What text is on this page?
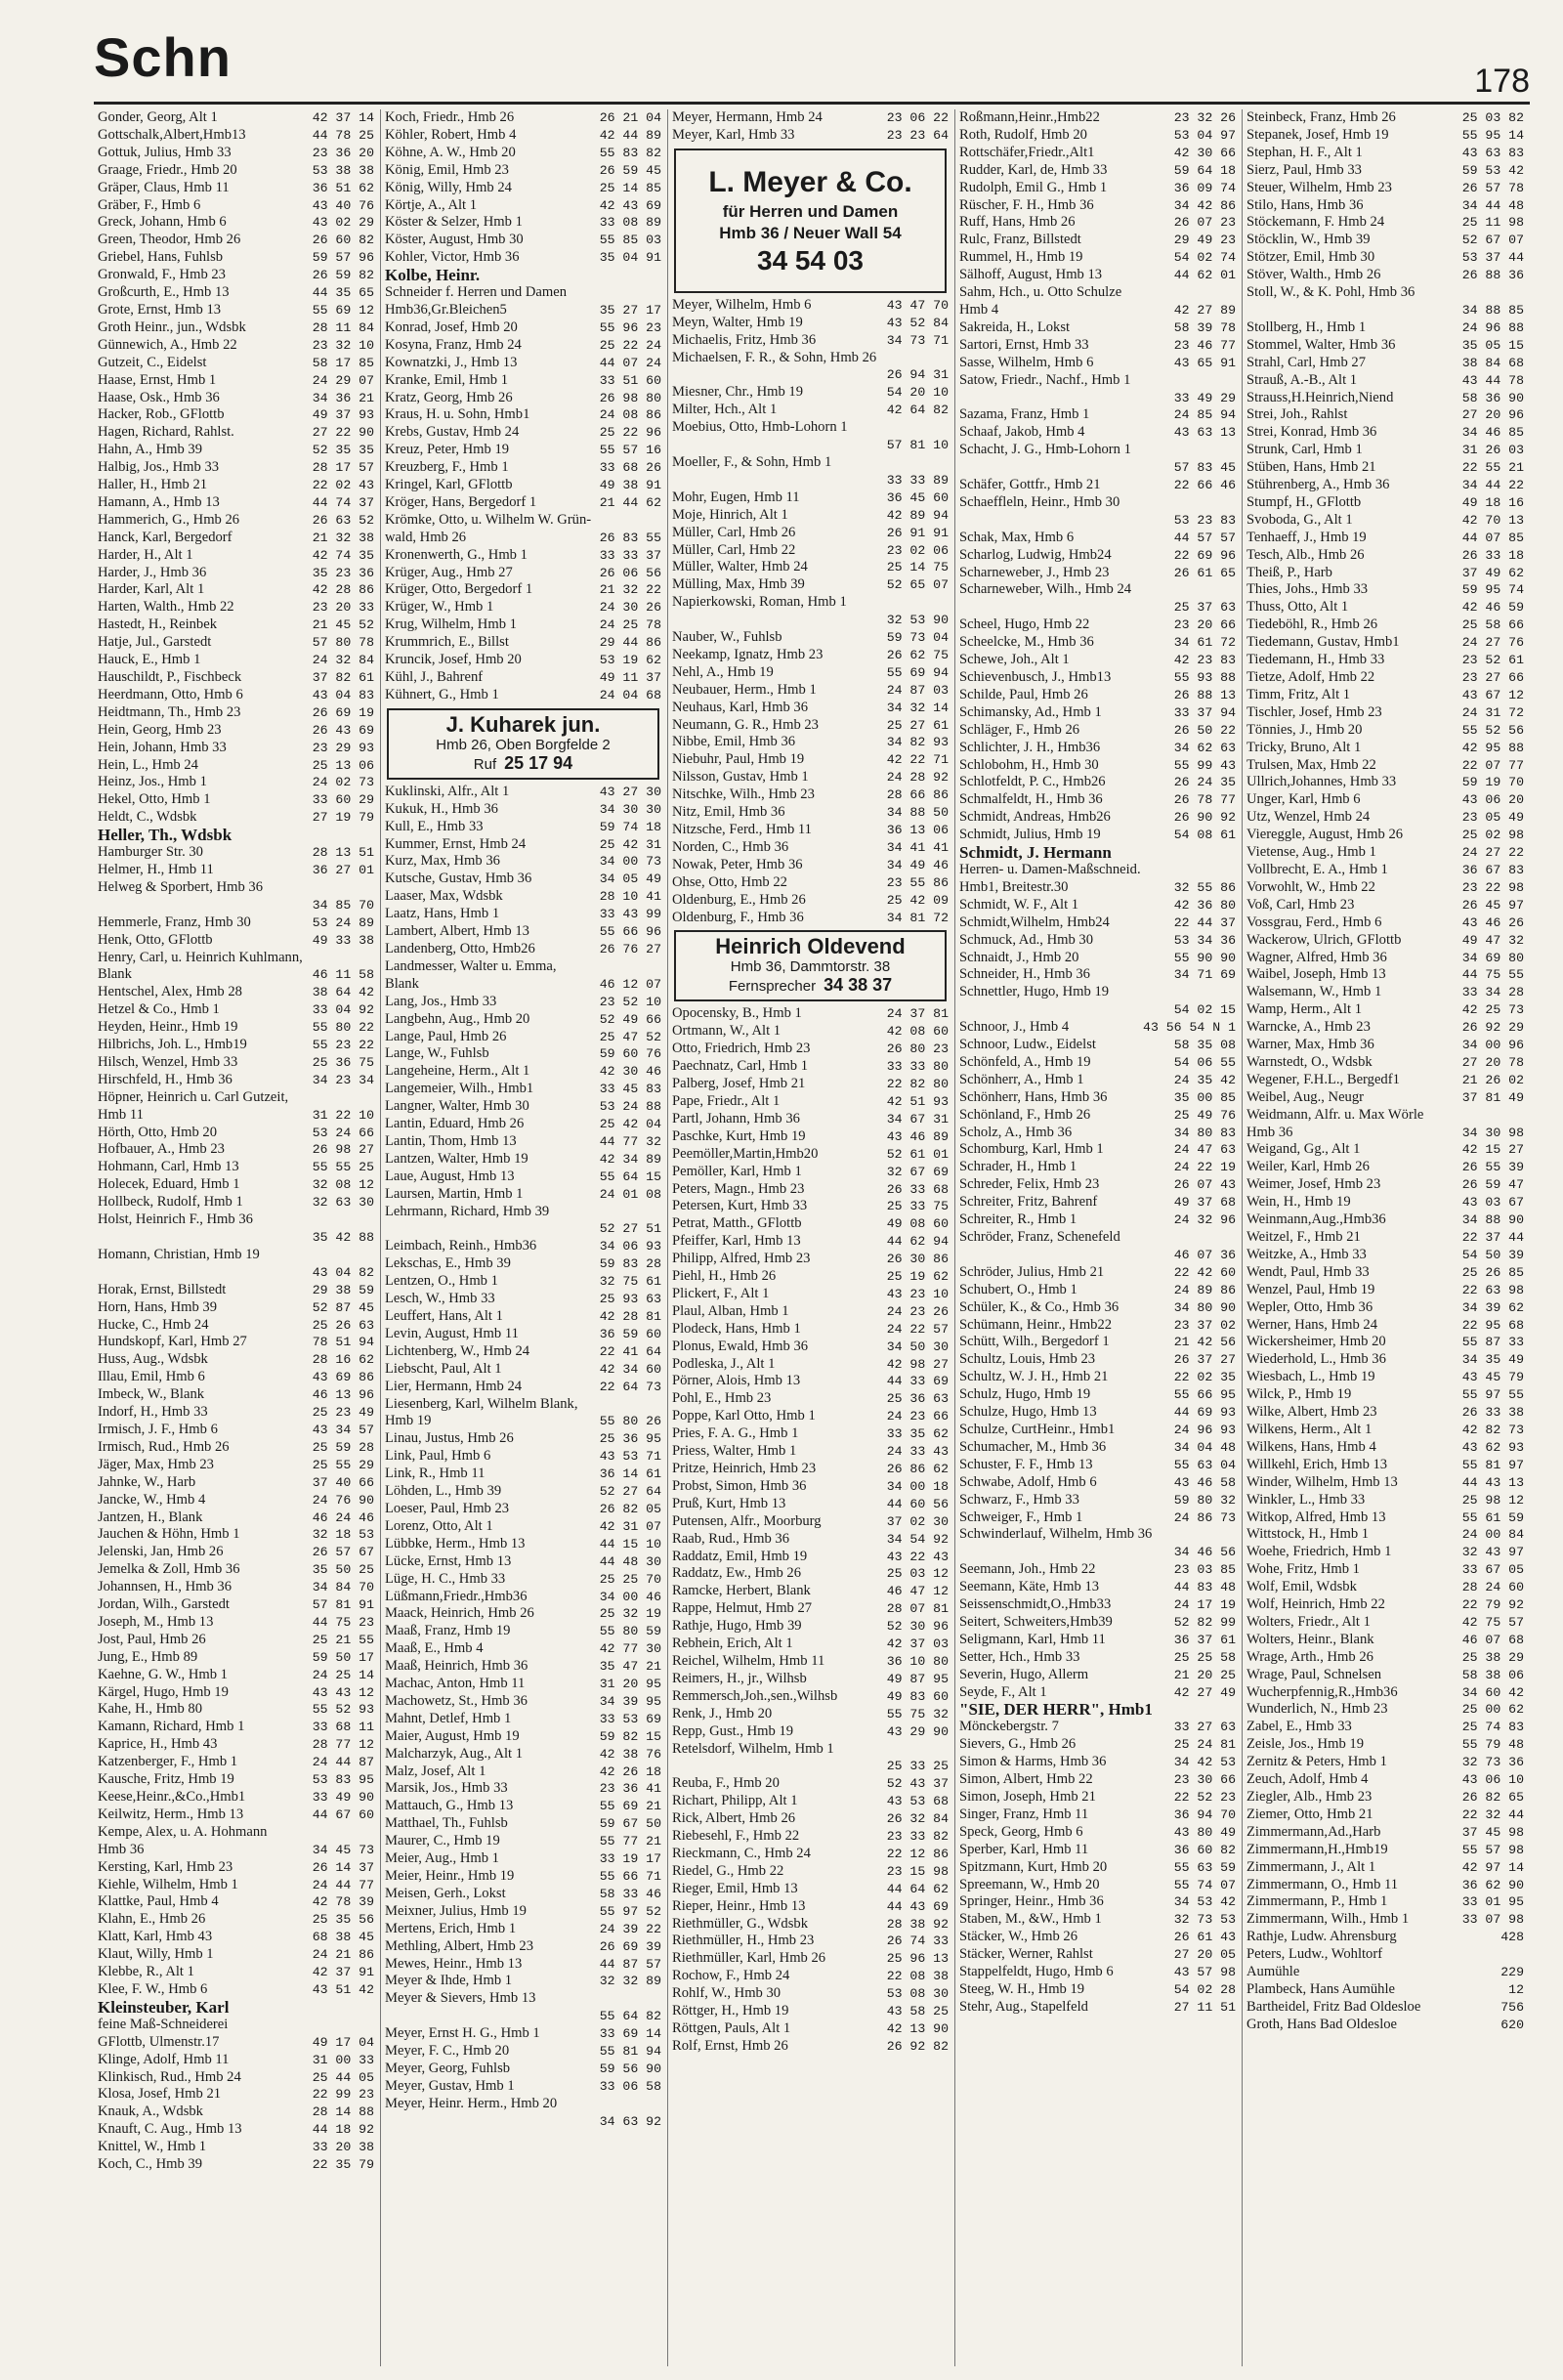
Schn	178
Gonder, Georg, Alt 1	42 37 14
Gottschalk,Albert,Hmb13	44 78 25
Gottuk, Julius, Hmb 33	23 36 20
Graage, Friedr., Hmb 20	53 38 38
Gräper, Claus, Hmb 11	36 51 62
Gräber, F., Hmb 6	43 40 76
Greck, Johann, Hmb 6	43 02 29
Green, Theodor, Hmb 26	26 60 82
Griebel, Hans, Fuhlsb	59 57 96
Gronwald, F., Hmb 23	26 59 82
Großcurth, E., Hmb 13	44 35 65
Grote, Ernst, Hmb 13	55 69 12
Groth Heinr., jun., Wdsbk	28 11 84
Günnewich, A., Hmb 22	23 32 10
Gutzeit, C., Eidelst	58 17 85
Haase, Ernst, Hmb 1	24 29 07
Haase, Osk., Hmb 36	34 36 21
Hacker, Rob., GFlottb	49 37 93
Hagen, Richard, Rahlst.	27 22 90
Hahn, A., Hmb 39	52 35 35
Halbig, Jos., Hmb 33	28 17 57
Haller, H., Hmb 21	22 02 43
Hamann, A., Hmb 13	44 74 37
Hammerich, G., Hmb 26	26 63 52
Hanck, Karl, Bergedorf	21 32 38
Harder, H., Alt 1	42 74 35
Harder, J., Hmb 36	35 23 36
Harder, Karl, Alt 1	42 28 86
Harten, Walth., Hmb 22	23 20 33
Hastedt, H., Reinbek	21 45 52
Hatje, Jul., Garstedt	57 80 78
Hauck, E., Hmb 1	24 32 84
Hauschildt, P., Fischbeck	37 82 61
Heerdmann, Otto, Hmb 6	43 04 83
Heidtmann, Th., Hmb 23	26 69 19
Hein, Georg, Hmb 23	26 43 69
Hein, Johann, Hmb 33	23 29 93
Hein, L., Hmb 24	25 13 06
Heinz, Jos., Hmb 1	24 02 73
Hekel, Otto, Hmb 1	33 60 29
Heldt, C., Wdsbk	27 19 79
Heller, Th., Wdsbk
Hamburger Str. 30	28 13 51
Helmer, H., Hmb 11	36 27 01
Helweg & Sporbert, Hmb 36
34 85 70
Hemmerle, Franz, Hmb 30	53 24 89
Henk, Otto, GFlottb	49 33 38
Henry, Carl, u. Heinrich Kuhlmann,
Blank	46 11 58
Hentschel, Alex, Hmb 28	38 64 42
Hetzel & Co., Hmb 1	33 04 92
Heyden, Heinr., Hmb 19	55 80 22
Hilbrichs, Joh. L., Hmb19	55 23 22
Hilsch, Wenzel, Hmb 33	25 36 75
Hirschfeld, H., Hmb 36	34 23 34
Höpner, Heinrich u. Carl Gutzeit,
Hmb 11	31 22 10
Hörth, Otto, Hmb 20	53 24 66
Hofbauer, A., Hmb 23	26 98 27
Hohmann, Carl, Hmb 13	55 55 25
Holecek, Eduard, Hmb 1	32 08 12
Hollbeck, Rudolf, Hmb 1	32 63 30
Holst, Heinrich F., Hmb 36
35 42 88
Homann, Christian, Hmb 19
43 04 82
Horak, Ernst, Billstedt	29 38 59
Horn, Hans, Hmb 39	52 87 45
Hucke, C., Hmb 24	25 26 63
Hundskopf, Karl, Hmb 27	78 51 94
Huss, Aug., Wdsbk	28 16 62
Illau, Emil, Hmb 6	43 69 86
Imbeck, W., Blank	46 13 96
Indorf, H., Hmb 33	25 23 49
Irmisch, J. F., Hmb 6	43 34 57
Irmisch, Rud., Hmb 26	25 59 28
Jäger, Max, Hmb 23	25 55 29
Jahnke, W., Harb	37 40 66
Jancke, W., Hmb 4	24 76 90
Jantzen, H., Blank	46 24 46
Jauchen & Höhn, Hmb 1	32 18 53
Jelenski, Jan, Hmb 26	26 57 67
Jemelka & Zoll, Hmb 36	35 50 25
Johannsen, H., Hmb 36	34 84 70
Jordan, Wilh., Garstedt	57 81 91
Joseph, M., Hmb 13	44 75 23
Jost, Paul, Hmb 26	25 21 55
Jung, E., Hmb 89	59 50 17
Kaehne, G. W., Hmb 1	24 25 14
Kärgel, Hugo, Hmb 19	43 43 12
Kahe, H., Hmb 80	55 52 93
Kamann, Richard, Hmb 1	33 68 11
Kaprice, H., Hmb 43	28 77 12
Katzenberger, F., Hmb 1	24 44 87
Kausche, Fritz, Hmb 19	53 83 95
Keese,Heinr.,&Co.,Hmb1	33 49 90
Keilwitz, Herm., Hmb 13	44 67 60
Kempe, Alex, u. A. Hohmann
Hmb 36	34 45 73
Kersting, Karl, Hmb 23	26 14 37
Kiehle, Wilhelm, Hmb 1	24 44 77
Klattke, Paul, Hmb 4	42 78 39
Klahn, E., Hmb 26	25 35 56
Klatt, Karl, Hmb 43	68 38 45
Klaut, Willy, Hmb 1	24 21 86
Klebbe, R., Alt 1	42 37 91
Klee, F. W., Hmb 6	43 51 42
Kleinsteuber, Karl
feine Maß-Schneiderei
GFlottb, Ulmenstr.17	49 17 04
Klinge, Adolf, Hmb 11	31 00 33
Klinkisch, Rud., Hmb 24	25 44 05
Klosa, Josef, Hmb 21	22 99 23
Knauk, A., Wdsbk	28 14 88
Knauft, C. Aug., Hmb 13	44 18 92
Knittel, W., Hmb 1	33 20 38
Koch, C., Hmb 39	22 35 79
Koch, Friedr., Hmb 26	26 21 04
Köhler, Robert, Hmb 4	42 44 89
Köhne, A. W., Hmb 20	55 83 82
König, Emil, Hmb 23	26 59 45
König, Willy, Hmb 24	25 14 85
Körtje, A., Alt 1	42 43 69
Köster & Selzer, Hmb 1	33 08 89
Köster, August, Hmb 30	55 85 03
Kohler, Victor, Hmb 36	35 04 91
Kolbe, Heinr.
Schneider f. Herren und Damen
Hmb36,Gr.Bleichen5	35 27 17
Konrad, Josef, Hmb 20	55 96 23
Kosyna, Franz, Hmb 24	25 22 24
Kownatzki, J., Hmb 13	44 07 24
Kranke, Emil, Hmb 1	33 51 60
Kratz, Georg, Hmb 26	26 98 80
Kraus, H. u. Sohn, Hmb1	24 08 86
Krebs, Gustav, Hmb 24	25 22 96
Kreuz, Peter, Hmb 19	55 57 16
Kreuzberg, F., Hmb 1	33 68 26
Kringel, Karl, GFlottb	49 38 91
Kröger, Hans, Bergedorf 1	21 44 62
Krömke, Otto, u. Wilhelm W. Grün-
wald, Hmb 26	26 83 55
Kronenwerth, G., Hmb 1	33 33 37
Krüger, Aug., Hmb 27	26 06 56
Krüger, Otto, Bergedorf 1	21 32 22
Krüger, W., Hmb 1	24 30 26
Krug, Wilhelm, Hmb 1	24 25 78
Krummrich, E., Billst	29 44 86
Kruncik, Josef, Hmb 20	53 19 62
Kühl, J., Bahrenf	49 11 37
Kühnert, G., Hmb 1	24 04 68
J. Kuharek jun.
Hmb 26, Oben Borgfelde 2
Ruf 25 17 94
Kuklinski, Alfr., Alt 1	43 27 30
Kukuk, H., Hmb 36	34 30 30
Kull, E., Hmb 33	59 74 18
Kummer, Ernst, Hmb 24	25 42 31
Kurz, Max, Hmb 36	34 00 73
Kutsche, Gustav, Hmb 36	34 05 49
Laaser, Max, Wdsbk	28 10 41
Laatz, Hans, Hmb 1	33 43 99
Lambert, Albert, Hmb 13	55 66 96
Landenberg, Otto, Hmb26	26 76 27
Landmesser, Walter u. Emma,
Blank	46 12 07
Lang, Jos., Hmb 33	23 52 10
Langbehn, Aug., Hmb 20	52 49 66
Lange, Paul, Hmb 26	25 47 52
Lange, W., Fuhlsb	59 60 76
Langeheine, Herm., Alt 1	42 30 46
Langemeier, Wilh., Hmb1	33 45 83
Langner, Walter, Hmb 30	53 24 88
Lantin, Eduard, Hmb 26	25 42 04
Lantin, Thom, Hmb 13	44 77 32
Lantzen, Walter, Hmb 19	42 34 89
Laue, August, Hmb 13	55 64 15
Laursen, Martin, Hmb 1	24 01 08
Lehrmann, Richard, Hmb 39
52 27 51
Leimbach, Reinh., Hmb36	34 06 93
Lekschas, E., Hmb 39	59 83 28
Lentzen, O., Hmb 1	32 75 61
Lesch, W., Hmb 33	25 93 63
Leuffert, Hans, Alt 1	42 28 81
Levin, August, Hmb 11	36 59 60
Lichtenberg, W., Hmb 24	22 41 64
Liebscht, Paul, Alt 1	42 34 60
Lier, Hermann, Hmb 24	22 64 73
Liesenberg, Karl, Wilhelm Blank,
Hmb 19	55 80 26
Linau, Justus, Hmb 26	25 36 95
Link, Paul, Hmb 6	43 53 71
Link, R., Hmb 11	36 14 61
Löhden, L., Hmb 39	52 27 64
Loeser, Paul, Hmb 23	26 82 05
Lorenz, Otto, Alt 1	42 31 07
Lübbke, Herm., Hmb 13	44 15 10
Lücke, Ernst, Hmb 13	44 48 30
Lüge, H. C., Hmb 33	25 25 70
Lüßmann,Friedr.,Hmb36	34 00 46
Maack, Heinrich, Hmb 26	25 32 19
Maaß, Franz, Hmb 19	55 80 59
Maaß, E., Hmb 4	42 77 30
Maaß, Heinrich, Hmb 36	35 47 21
Machac, Anton, Hmb 11	31 20 95
Machowetz, St., Hmb 36	34 39 95
Mahnt, Detlef, Hmb 1	33 53 69
Maier, August, Hmb 19	59 82 15
Malcharzyk, Aug., Alt 1	42 38 76
Malz, Josef, Alt 1	42 26 18
Marsik, Jos., Hmb 33	23 36 41
Mattauch, G., Hmb 13	55 69 21
Matthael, Th., Fuhlsb	59 67 50
Maurer, C., Hmb 19	55 77 21
Meier, Aug., Hmb 1	33 19 17
Meier, Heinr., Hmb 19	55 66 71
Meisen, Gerh., Lokst	58 33 46
Meixner, Julius, Hmb 19	55 97 52
Mertens, Erich, Hmb 1	24 39 22
Methling, Albert, Hmb 23	26 69 39
Mewes, Heinr., Hmb 13	44 87 57
Meyer & Ihde, Hmb 1	32 32 89
Meyer & Sievers, Hmb 13
55 64 82
Meyer, Ernst H. G., Hmb 1	33 69 14
Meyer, F. C., Hmb 20	55 81 94
Meyer, Georg, Fuhlsb	59 56 90
Meyer, Gustav, Hmb 1	33 06 58
Meyer, Heinr. Herm., Hmb 20
34 63 92
Meyer, Hermann, Hmb 24	23 06 22
Meyer, Karl, Hmb 33	23 23 64
L. Meyer & Co.
für Herren und Damen
Hmb 36 / Neuer Wall 54
34 54 03
Meyer, Wilhelm, Hmb 6	43 47 70
Meyn, Walter, Hmb 19	43 52 84
Michaelis, Fritz, Hmb 36	34 73 71
Michaelsen, F. R., & Sohn, Hmb 26
26 94 31
Miesner, Chr., Hmb 19	54 20 10
Milter, Hch., Alt 1	42 64 82
Moebius, Otto, Hmb-Lohorn 1
57 81 10
Moeller, F., & Sohn, Hmb 1
33 33 89
Mohr, Eugen, Hmb 11	36 45 60
Moje, Hinrich, Alt 1	42 89 94
Müller, Carl, Hmb 26	26 91 91
Müller, Carl, Hmb 22	23 02 06
Müller, Walter, Hmb 24	25 14 75
Mülling, Max, Hmb 39	52 65 07
Napierkowski, Roman, Hmb 1
32 53 90
Nauber, W., Fuhlsb	59 73 04
Neekamp, Ignatz, Hmb 23	26 62 75
Nehl, A., Hmb 19	55 69 94
Neubauer, Herm., Hmb 1	24 87 03
Neuhaus, Karl, Hmb 36	34 32 14
Neumann, G. R., Hmb 23	25 27 61
Nibbe, Emil, Hmb 36	34 82 93
Niebuhr, Paul, Hmb 19	42 22 71
Nilsson, Gustav, Hmb 1	24 28 92
Nitschke, Wilh., Hmb 23	28 66 86
Nitz, Emil, Hmb 36	34 88 50
Nitzsche, Ferd., Hmb 11	36 13 06
Norden, C., Hmb 36	34 41 41
Nowak, Peter, Hmb 36	34 49 46
Ohse, Otto, Hmb 22	23 55 86
Oldenburg, E., Hmb 26	25 42 09
Oldenburg, F., Hmb 36	34 81 72
Heinrich Oldevend
Hmb 36, Dammtorstr. 38
Fernsprecher 34 38 37
Opocensky, B., Hmb 1	24 37 81
Ortmann, W., Alt 1	42 08 60
Otto, Friedrich, Hmb 23	26 80 23
Paechnatz, Carl, Hmb 1	33 33 80
Palberg, Josef, Hmb 21	22 82 80
Pape, Friedr., Alt 1	42 51 93
Partl, Johann, Hmb 36	34 67 31
Paschke, Kurt, Hmb 19	43 46 89
Peemöller,Martin,Hmb20	52 61 01
Pemöller, Karl, Hmb 1	32 67 69
Peters, Magn., Hmb 23	26 33 68
Petersen, Kurt, Hmb 33	25 33 75
Petrat, Matth., GFlottb	49 08 60
Pfeiffer, Karl, Hmb 13	44 62 94
Philipp, Alfred, Hmb 23	26 30 86
Piehl, H., Hmb 26	25 19 62
Plickert, F., Alt 1	43 23 10
Plaul, Alban, Hmb 1	24 23 26
Plodeck, Hans, Hmb 1	24 22 57
Plonus, Ewald, Hmb 36	34 50 30
Podleska, J., Alt 1	42 98 27
Pörner, Alois, Hmb 13	44 33 69
Pohl, E., Hmb 23	25 36 63
Poppe, Karl Otto, Hmb 1	24 23 66
Pries, F. A. G., Hmb 1	33 35 62
Priess, Walter, Hmb 1	24 33 43
Pritze, Heinrich, Hmb 23	26 86 62
Probst, Simon, Hmb 36	34 00 18
Pruß, Kurt, Hmb 13	44 60 56
Putensen, Alfr., Moorburg	37 02 30
Raab, Rud., Hmb 36	34 54 92
Raddatz, Emil, Hmb 19	43 22 43
Raddatz, Ew., Hmb 26	25 03 12
Ramcke, Herbert, Blank	46 47 12
Rappe, Helmut, Hmb 27	28 07 81
Rathje, Hugo, Hmb 39	52 30 96
Rebhein, Erich, Alt 1	42 37 03
Reichel, Wilhelm, Hmb 11	36 10 80
Reimers, H., jr., Wilhsb	49 87 95
Remmersch,Joh.,sen.,Wilhsb	49 83 60
Renk, J., Hmb 20	55 75 32
Repp, Gust., Hmb 19	43 29 90
Retelsdorf, Wilhelm, Hmb 1
25 33 25
Reuba, F., Hmb 20	52 43 37
Richart, Philipp, Alt 1	43 53 68
Rick, Albert, Hmb 26	26 32 84
Riebesehl, F., Hmb 22	23 33 82
Rieckmann, C., Hmb 24	22 12 86
Riedel, G., Hmb 22	23 15 98
Rieger, Emil, Hmb 13	44 64 62
Rieper, Heinr., Hmb 13	44 43 69
Riethmüller, G., Wdsbk	28 38 92
Riethmüller, H., Hmb 23	26 74 33
Riethmüller, Karl, Hmb 26	25 96 13
Rochow, F., Hmb 24	22 08 38
Rohlf, W., Hmb 30	53 08 30
Röttger, H., Hmb 19	43 58 25
Röttgen, Pauls, Alt 1	42 13 90
Rolf, Ernst, Hmb 26	26 92 82
Roßmann,Heinr.,Hmb22	23 32 26
Roth, Rudolf, Hmb 20	53 04 97
Rottschäfer,Friedr.,Alt1	42 30 66
Rudder, Karl, de, Hmb 33	59 64 18
Rudolph, Emil G., Hmb 1	36 09 74
Rüscher, F. H., Hmb 36	34 42 86
Ruff, Hans, Hmb 26	26 07 23
Rulc, Franz, Billstedt	29 49 23
Rummel, H., Hmb 19	54 02 74
Sälhoff, August, Hmb 13	44 62 01
Sahm, Hch., u. Otto Schulze
Hmb 4	42 27 89
Sakreida, H., Lokst	58 39 78
Sartori, Ernst, Hmb 33	23 46 77
Sasse, Wilhelm, Hmb 6	43 65 91
Satow, Friedr., Nachf., Hmb 1
33 49 29
Sazama, Franz, Hmb 1	24 85 94
Schaaf, Jakob, Hmb 4	43 63 13
Schacht, J. G., Hmb-Lohorn 1
57 83 45
Schäfer, Gottfr., Hmb 21	22 66 46
Schaeffleln, Heinr., Hmb 30
53 23 83
Schak, Max, Hmb 6	44 57 57
Scharlog, Ludwig, Hmb24	22 69 96
Scharneweber, J., Hmb 23	26 61 65
Scharneweber, Wilh., Hmb 24
25 37 63
Scheel, Hugo, Hmb 22	23 20 66
Scheelcke, M., Hmb 36	34 61 72
Schewe, Joh., Alt 1	42 23 83
Schievenbusch, J., Hmb13	55 93 88
Schilde, Paul, Hmb 26	26 88 13
Schimansky, Ad., Hmb 1	33 37 94
Schläger, F., Hmb 26	26 50 22
Schlichter, J. H., Hmb36	34 62 63
Schlobohm, H., Hmb 30	55 99 43
Schlotfeldt, P. C., Hmb26	26 24 35
Schmalfeldt, H., Hmb 36	26 78 77
Schmidt, Andreas, Hmb26	26 90 92
Schmidt, Julius, Hmb 19	54 08 61
Schmidt, J. Hermann
Herren- u. Damen-Maßschneid.
Hmb1, Breitestr.30	32 55 86
Schmidt, W. F., Alt 1	42 36 80
Schmidt,Wilhelm, Hmb24	22 44 37
Schmuck, Ad., Hmb 30	53 34 36
Schnaidt, J., Hmb 20	55 90 90
Schneider, H., Hmb 36	34 71 69
Schnettler, Hugo, Hmb 19
54 02 15
Schnoor, J., Hmb 4	43 56 54 N 1
Schnoor, Ludw., Eidelst	58 35 08
Schönfeld, A., Hmb 19	54 06 55
Schönherr, A., Hmb 1	24 35 42
Schönherr, Hans, Hmb 36	35 00 85
Schönland, F., Hmb 26	25 49 76
Scholz, A., Hmb 36	34 80 83
Schomburg, Karl, Hmb 1	24 47 63
Schrader, H., Hmb 1	24 22 19
Schreder, Felix, Hmb 23	26 07 43
Schreiter, Fritz, Bahrenf	49 37 68
Schreiter, R., Hmb 1	24 32 96
Schröder, Franz, Schenefeld
46 07 36
Schröder, Julius, Hmb 21	22 42 60
Schubert, O., Hmb 1	24 89 86
Schüler, K., & Co., Hmb 36	34 80 90
Schümann, Heinr., Hmb22	23 37 02
Schütt, Wilh., Bergedorf 1	21 42 56
Schultz, Louis, Hmb 23	26 37 27
Schultz, W. J. H., Hmb 21	22 02 35
Schulz, Hugo, Hmb 19	55 66 95
Schulze, Hugo, Hmb 13	44 69 93
Schulze, CurtHeinr., Hmb1	24 96 93
Schumacher, M., Hmb 36	34 04 48
Schuster, F. F., Hmb 13	55 63 04
Schwabe, Adolf, Hmb 6	43 46 58
Schwarz, F., Hmb 33	59 80 32
Schweiger, F., Hmb 1	24 86 73
Schwinderlauf, Wilhelm, Hmb 36
34 46 56
Seemann, Joh., Hmb 22	23 03 85
Seemann, Käte, Hmb 13	44 83 48
Seissenschmidt,O.,Hmb33	24 17 19
Seitert, Schweiters,Hmb39	52 82 99
Seligmann, Karl, Hmb 11	36 37 61
Setter, Hch., Hmb 33	25 25 58
Severin, Hugo, Allerm	21 20 25
Seyde, F., Alt 1	42 27 49
"SIE, DER HERR", Hmb1
Mönckebergstr. 7	33 27 63
Sievers, G., Hmb 26	25 24 81
Simon & Harms, Hmb 36	34 42 53
Simon, Albert, Hmb 22	23 30 66
Simon, Joseph, Hmb 21	22 52 23
Singer, Franz, Hmb 11	36 94 70
Speck, Georg, Hmb 6	43 80 49
Sperber, Karl, Hmb 11	36 60 82
Spitzmann, Kurt, Hmb 20	55 63 59
Spreemann, W., Hmb 20	55 74 07
Springer, Heinr., Hmb 36	34 53 42
Staben, M., &W., Hmb 1	32 73 53
Stäcker, W., Hmb 26	26 61 43
Stäcker, Werner, Rahlst	27 20 05
Stappelfeldt, Hugo, Hmb 6	43 57 98
Steeg, W. H., Hmb 19	54 02 28
Stehr, Aug., Stapelfeld	27 11 51
Steinbeck, Franz, Hmb 26	25 03 82
Stepanek, Josef, Hmb 19	55 95 14
Stephan, H. F., Alt 1	43 63 83
Sierz, Paul, Hmb 33	59 53 42
Steuer, Wilhelm, Hmb 23	26 57 78
Stilo, Hans, Hmb 36	34 44 48
Stöckemann, F. Hmb 24	25 11 98
Stöcklin, W., Hmb 39	52 67 07
Stötzer, Emil, Hmb 30	53 37 44
Stöver, Walth., Hmb 26	26 88 36
Stoll, W., & K. Pohl, Hmb 36
34 88 85
Stollberg, H., Hmb 1	24 96 88
Stommel, Walter, Hmb 36	35 05 15
Strahl, Carl, Hmb 27	38 84 68
Strauß, A.-B., Alt 1	43 44 78
Strauss,H.Heinrich,Niend	58 36 90
Strei, Joh., Rahlst	27 20 96
Strei, Konrad, Hmb 36	34 46 85
Strunk, Carl, Hmb 1	31 26 03
Stüben, Hans, Hmb 21	22 55 21
Stührenberg, A., Hmb 36	34 44 22
Stumpf, H., GFlottb	49 18 16
Svoboda, G., Alt 1	42 70 13
Tenhaeff, J., Hmb 19	44 07 85
Tesch, Alb., Hmb 26	26 33 18
Theiß, P., Harb	37 49 62
Thies, Johs., Hmb 33	59 95 74
Thuss, Otto, Alt 1	42 46 59
Tiedeböhl, R., Hmb 26	25 58 66
Tiedemann, Gustav, Hmb1	24 27 76
Tiedemann, H., Hmb 33	23 52 61
Tietze, Adolf, Hmb 22	23 27 66
Timm, Fritz, Alt 1	43 67 12
Tischler, Josef, Hmb 23	24 31 72
Tönnies, J., Hmb 20	55 52 56
Tricky, Bruno, Alt 1	42 95 88
Trulsen, Max, Hmb 22	22 07 77
Ullrich,Johannes, Hmb 33	59 19 70
Unger, Karl, Hmb 6	43 06 20
Utz, Wenzel, Hmb 24	23 05 49
Viereggle, August, Hmb 26	25 02 98
Vietense, Aug., Hmb 1	24 27 22
Vollbrecht, E. A., Hmb 1	36 67 83
Vorwohlt, W., Hmb 22	23 22 98
Voß, Carl, Hmb 23	26 45 97
Vossgrau, Ferd., Hmb 6	43 46 26
Wackerow, Ulrich, GFlottb	49 47 32
Wagner, Alfred, Hmb 36	34 69 80
Waibel, Joseph, Hmb 13	44 75 55
Walsemann, W., Hmb 1	33 34 28
Wamp, Herm., Alt 1	42 25 73
Warncke, A., Hmb 23	26 92 29
Warner, Max, Hmb 36	34 00 96
Warnstedt, O., Wdsbk	27 20 78
Wegener, F.H.L., Bergedf1	21 26 02
Weibel, Aug., Neugr	37 81 49
Weidmann, Alfr. u. Max Wörle
Hmb 36	34 30 98
Weigand, Gg., Alt 1	42 15 27
Weiler, Karl, Hmb 26	26 55 39
Weimer, Josef, Hmb 23	26 59 47
Wein, H., Hmb 19	43 03 67
Weinmann,Aug.,Hmb36	34 88 90
Weitzel, F., Hmb 21	22 37 44
Weitzke, A., Hmb 33	54 50 39
Wendt, Paul, Hmb 33	25 26 85
Wenzel, Paul, Hmb 19	22 63 98
Wepler, Otto, Hmb 36	34 39 62
Werner, Hans, Hmb 24	22 95 68
Wickersheimer, Hmb 20	55 87 33
Wiederhold, L., Hmb 36	34 35 49
Wiesbach, L., Hmb 19	43 45 79
Wilck, P., Hmb 19	55 97 55
Wilke, Albert, Hmb 23	26 33 38
Wilkens, Herm., Alt 1	42 82 73
Wilkens, Hans, Hmb 4	43 62 93
Willkehl, Erich, Hmb 13	55 81 97
Winder, Wilhelm, Hmb 13	44 43 13
Winkler, L., Hmb 33	25 98 12
Witkop, Alfred, Hmb 13	55 61 59
Wittstock, H., Hmb 1	24 00 84
Woehe, Friedrich, Hmb 1	32 43 97
Wohe, Fritz, Hmb 1	33 67 05
Wolf, Emil, Wdsbk	28 24 60
Wolf, Heinrich, Hmb 22	22 79 92
Wolters, Friedr., Alt 1	42 75 57
Wolters, Heinr., Blank	46 07 68
Wrage, Arth., Hmb 26	25 38 29
Wrage, Paul, Schnelsen	58 38 06
Wucherpfennig,R.,Hmb36	34 60 42
Wunderlich, N., Hmb 23	25 00 62
Zabel, E., Hmb 33	25 74 83
Zeisle, Jos., Hmb 19	55 79 48
Zernitz & Peters, Hmb 1	32 73 36
Zeuch, Adolf, Hmb 4	43 06 10
Ziegler, Alb., Hmb 23	26 82 65
Ziemer, Otto, Hmb 21	22 32 44
Zimmermann,Ad.,Harb	37 45 98
Zimmermann,H.,Hmb19	55 57 98
Zimmermann, J., Alt 1	42 97 14
Zimmermann, O., Hmb 11	36 62 90
Zimmermann, P., Hmb 1	33 01 95
Zimmermann, Wilh., Hmb 1	33 07 98
Rathje, Ludw. Ahrensburg	428
Peters, Ludw., Wohltorf
Aumühle	229
Plambeck, Hans Aumühle	12
Bartheidel, Fritz Bad Oldesloe	756
Groth, Hans Bad Oldesloe	620
